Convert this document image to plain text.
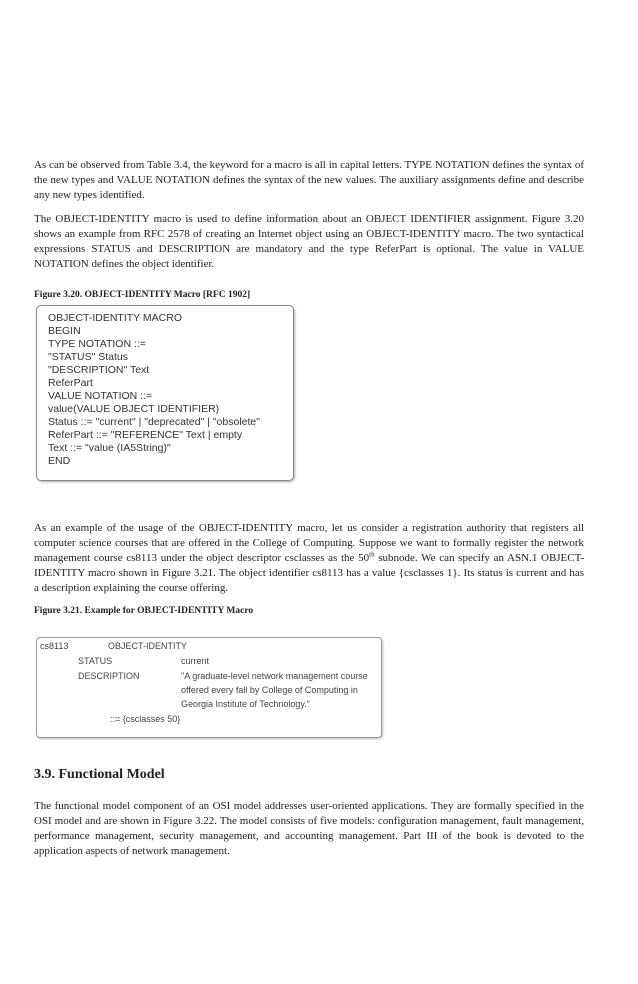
As can be observed from Table 3.4, the keyword for a macro is all in capital letters. TYPE NOTATION defines the syntax of the new types and VALUE NOTATION defines the syntax of the new values. The auxiliary assignments define and describe any new types identified.

The OBJECT-IDENTITY macro is used to define information about an OBJECT IDENTIFIER assignment. Figure 3.20 shows an example from RFC 2578 of creating an Internet object using an OBJECT-IDENTITY macro. The two syntactical expressions STATUS and DESCRIPTION are mandatory and the type ReferPart is optional. The value in VALUE NOTATION defines the object identifier.

Figure 3.20. OBJECT-IDENTITY Macro [RFC 1902]

OBJECT-IDENTITY MACRO
BEGIN
TYPE NOTATION ::=
"STATUS" Status
"DESCRIPTION" Text
ReferPart
VALUE NOTATION ::=
value(VALUE OBJECT IDENTIFIER)
Status ::= "current" | "deprecated" | "obsolete"
ReferPart ::= "REFERENCE" Text | empty
Text ::= "value (IA5String)"
END

As an example of the usage of the OBJECT-IDENTITY macro, let us consider a registration authority that registers all computer science courses that are offered in the College of Computing. Suppose we want to formally register the network management course cs8113 under the object descriptor csclasses as the 50th subnode. We can specify an ASN.1 OBJECT-IDENTITY macro shown in Figure 3.21. The object identifier cs8113 has a value {csclasses 1}. Its status is current and has a description explaining the course offering.

Figure 3.21. Example for OBJECT-IDENTITY Macro

cs8113	OBJECT-IDENTITY
STATUS	current
DESCRIPTION	"A graduate-level network management course
offered every fall by College of Computing in
Georgia Institute of Technology."
::= {csclasses 50}
3.9. Functional Model

The functional model component of an OSI model addresses user-oriented applications. They are formally specified in the OSI model and are shown in Figure 3.22. The model consists of five models: configuration management, fault management, performance management, security management, and accounting management. Part III of the book is devoted to the application aspects of network management.
